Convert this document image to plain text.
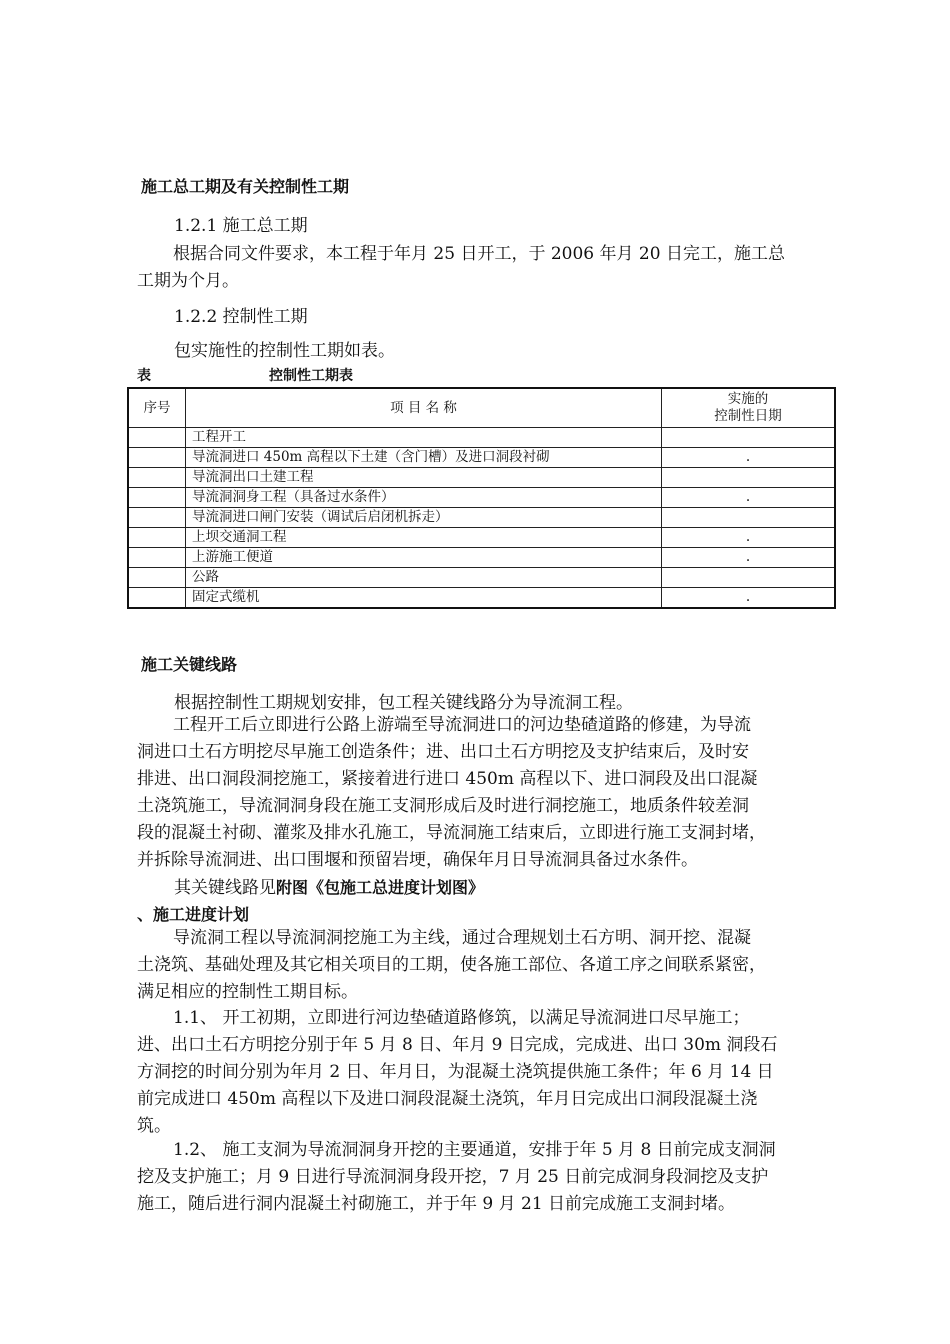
施工总工期及有关控制性工期
1.2.1 施工总工期
根据合同文件要求，本工程于年月 25 日开工，于 2006 年月 20 日完工，施工总
工期为个月。
1.2.2 控制性工期
包实施性的控制性工期如表。
表	控制性工期表
序号	项 目 名 称	实施的
控制性日期

	工程开工	
	导流洞进口 450m 高程以下土建（含门槽）及进口洞段衬砌	.
	导流洞出口土建工程	
	导流洞洞身工程（具备过水条件）	.
	导流洞进口闸门安装（调试后启闭机拆走）	
	上坝交通洞工程	.
	上游施工便道	.
	公路	
	固定式缆机	.
施工关键线路
根据控制性工期规划安排，包工程关键线路分为导流洞工程。
工程开工后立即进行公路上游端至导流洞进口的河边垫碴道路的修建，为导流
洞进口土石方明挖尽早施工创造条件；进、出口土石方明挖及支护结束后，及时安
排进、出口洞段洞挖施工，紧接着进行进口 450m 高程以下、进口洞段及出口混凝
土浇筑施工，导流洞洞身段在施工支洞形成后及时进行洞挖施工，地质条件较差洞
段的混凝土衬砌、灌浆及排水孔施工，导流洞施工结束后，立即进行施工支洞封堵，
并拆除导流洞进、出口围堰和预留岩埂，确保年月日导流洞具备过水条件。
其关键线路见附图《包施工总进度计划图》
、施工进度计划
导流洞工程以导流洞洞挖施工为主线，通过合理规划土石方明、洞开挖、混凝
土浇筑、基础处理及其它相关项目的工期，使各施工部位、各道工序之间联系紧密，
满足相应的控制性工期目标。
1.1、 开工初期，立即进行河边垫碴道路修筑，以满足导流洞进口尽早施工；
进、出口土石方明挖分别于年 5 月 8 日、年月 9 日完成，完成进、出口 30m 洞段石
方洞挖的时间分别为年月 2 日、年月日，为混凝土浇筑提供施工条件；年 6 月 14 日
前完成进口 450m 高程以下及进口洞段混凝土浇筑，年月日完成出口洞段混凝土浇
筑。
1.2、 施工支洞为导流洞洞身开挖的主要通道，安排于年 5 月 8 日前完成支洞洞
挖及支护施工；月 9 日进行导流洞洞身段开挖，7 月 25 日前完成洞身段洞挖及支护
施工，随后进行洞内混凝土衬砌施工，并于年 9 月 21 日前完成施工支洞封堵。
